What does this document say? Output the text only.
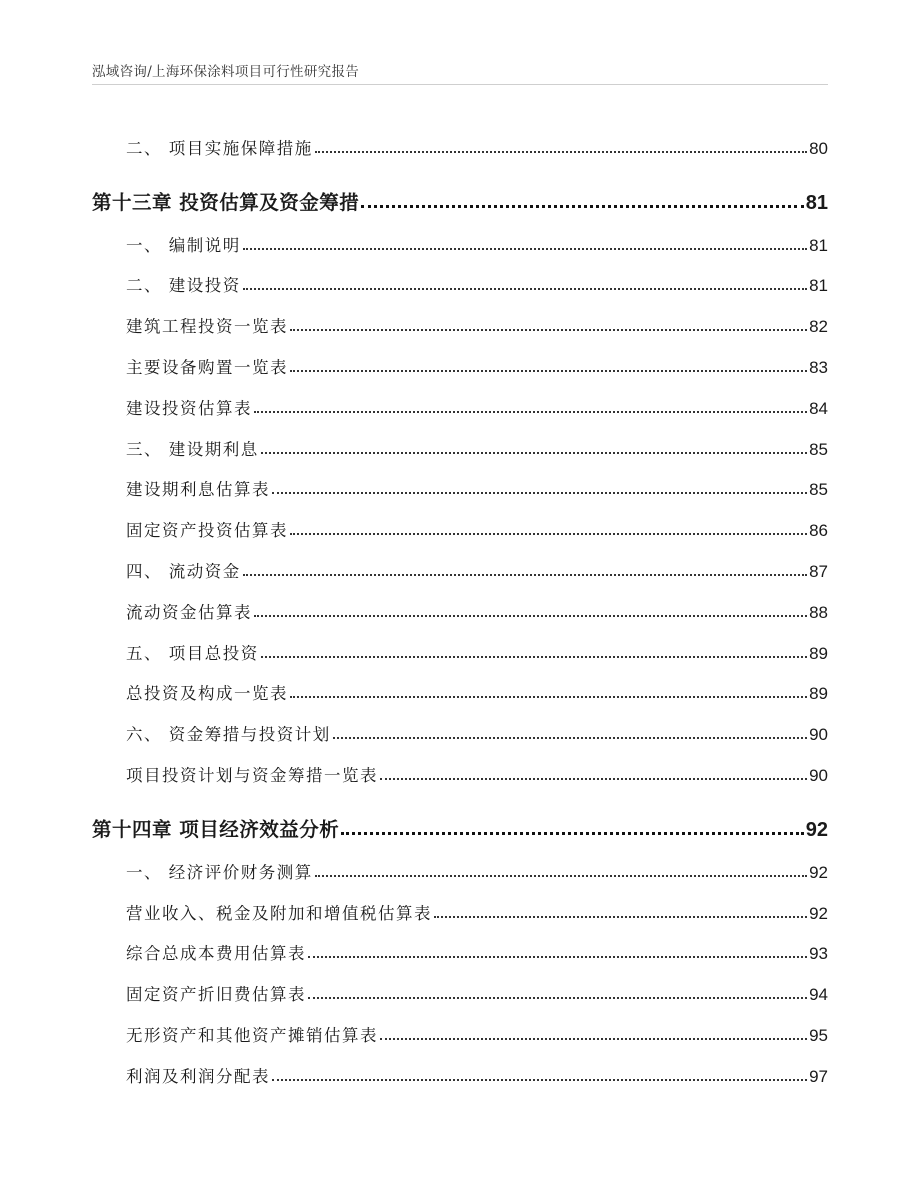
泓域咨询/上海环保涂料项目可行性研究报告
二、 项目实施保障措施	80
第十三章 投资估算及资金筹措	81
一、 编制说明	81
二、 建设投资	81
建筑工程投资一览表	82
主要设备购置一览表	83
建设投资估算表	84
三、 建设期利息	85
建设期利息估算表	85
固定资产投资估算表	86
四、 流动资金	87
流动资金估算表	88
五、 项目总投资	89
总投资及构成一览表	89
六、 资金筹措与投资计划	90
项目投资计划与资金筹措一览表	90
第十四章 项目经济效益分析	92
一、 经济评价财务测算	92
营业收入、税金及附加和增值税估算表	92
综合总成本费用估算表	93
固定资产折旧费估算表	94
无形资产和其他资产摊销估算表	95
利润及利润分配表	97
